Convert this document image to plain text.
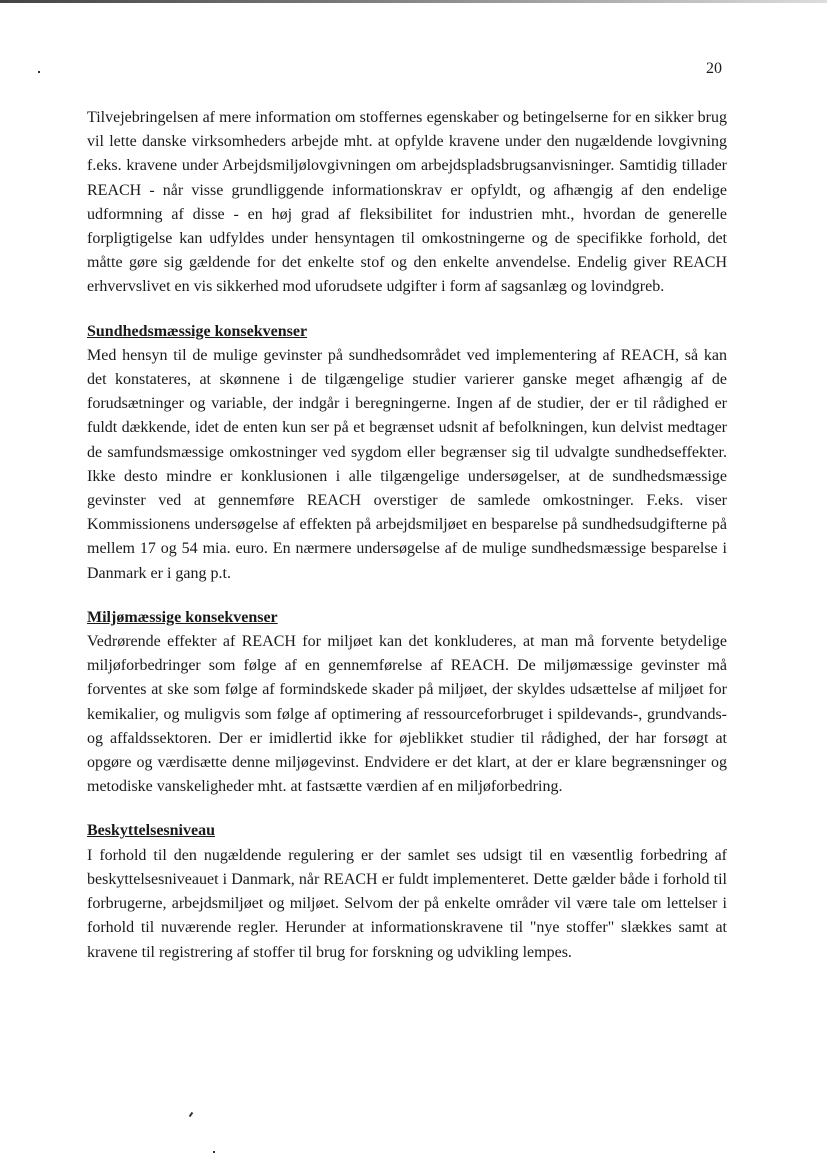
20

Tilvejebringelsen af mere information om stoffernes egenskaber og betingelserne for en sikker brug vil lette danske virksomheders arbejde mht. at opfylde kravene under den nugældende lovgivning f.eks. kravene under Arbejdsmiljølovgivningen om arbejdspladsbrugsanvisninger. Samtidig tillader REACH - når visse grundliggende informationskrav er opfyldt, og afhængig af den endelige udformning af disse - en høj grad af fleksibilitet for industrien mht., hvordan de generelle forpligtigelse kan udfyldes under hensyntagen til omkostningerne og de specifikke forhold, det måtte gøre sig gældende for det enkelte stof og den enkelte anvendelse. Endelig giver REACH erhvervslivet en vis sikkerhed mod uforudsete udgifter i form af sagsanlæg og lovindgreb.

Sundhedsmæssige konsekvenser

Med hensyn til de mulige gevinster på sundhedsområdet ved implementering af REACH, så kan det konstateres, at skønnene i de tilgængelige studier varierer ganske meget afhængig af de forudsætninger og variable, der indgår i beregningerne. Ingen af de studier, der er til rådighed er fuldt dækkende, idet de enten kun ser på et begrænset udsnit af befolkningen, kun delvist medtager de samfundsmæssige omkostninger ved sygdom eller begrænser sig til udvalgte sundhedseffekter. Ikke desto mindre er konklusionen i alle tilgængelige undersøgelser, at de sundhedsmæssige gevinster ved at gennemføre REACH overstiger de samlede omkostninger. F.eks. viser Kommissionens undersøgelse af effekten på arbejdsmiljøet en besparelse på sundhedsudgifterne på mellem 17 og 54 mia. euro. En nærmere undersøgelse af de mulige sundhedsmæssige besparelse i Danmark er i gang p.t.

Miljømæssige konsekvenser

Vedrørende effekter af REACH for miljøet kan det konkluderes, at man må forvente betydelige miljøforbedringer som følge af en gennemførelse af REACH. De miljømæssige gevinster må forventes at ske som følge af formindskede skader på miljøet, der skyldes udsættelse af miljøet for kemikalier, og muligvis som følge af optimering af ressourceforbruget i spildevands-, grundvands- og affaldssektoren. Der er imidlertid ikke for øjeblikket studier til rådighed, der har forsøgt at opgøre og værdisætte denne miljøgevinst. Endvidere er det klart, at der er klare begrænsninger og metodiske vanskeligheder mht. at fastsætte værdien af en miljøforbedring.

Beskyttelsesniveau

I forhold til den nugældende regulering er der samlet ses udsigt til en væsentlig forbedring af beskyttelsesniveauet i Danmark, når REACH er fuldt implementeret. Dette gælder både i forhold til forbrugerne, arbejdsmiljøet og miljøet. Selvom der på enkelte områder vil være tale om lettelser i forhold til nuværende regler. Herunder at informationskravene til "nye stoffer" slækkes samt at kravene til registrering af stoffer til brug for forskning og udvikling lempes.
